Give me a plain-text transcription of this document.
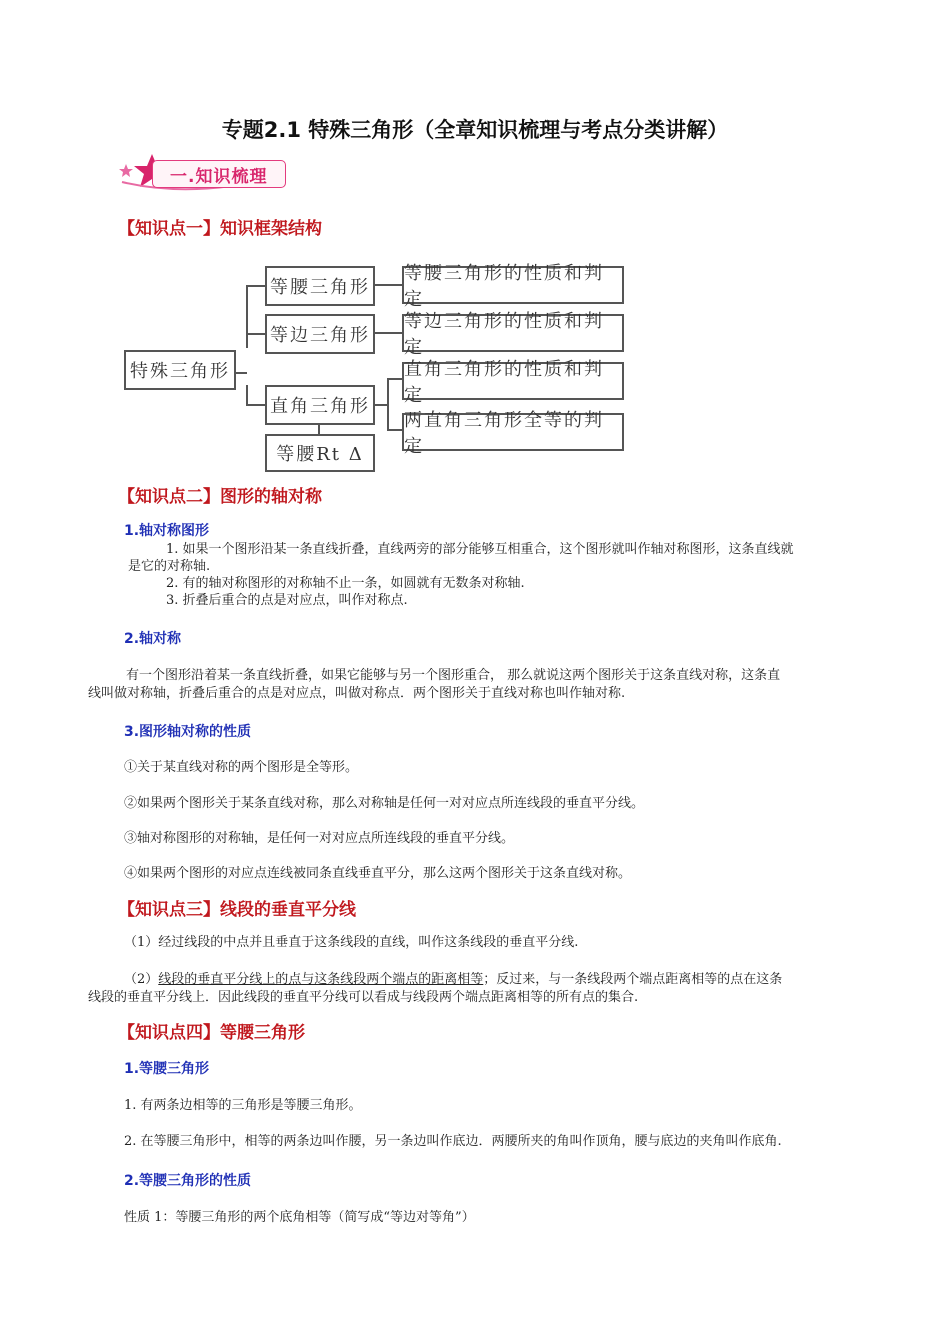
专题2.1 特殊三角形（全章知识梳理与考点分类讲解）
一.知识梳理
【知识点一】知识框架结构
特殊三角形
等腰三角形
等边三角形
直角三角形
等腰Rt Δ
等腰三角形的性质和判定
等边三角形的性质和判定
直角三角形的性质和判定
两直角三角形全等的判定
【知识点二】图形的轴对称
1.轴对称图形
1. 如果一个图形沿某一条直线折叠，直线两旁的部分能够互相重合，这个图形就叫作轴对称图形，这条直线就
是它的对称轴.
2. 有的轴对称图形的对称轴不止一条，如圆就有无数条对称轴.
3. 折叠后重合的点是对应点，叫作对称点.
2.轴对称
有一个图形沿着某一条直线折叠，如果它能够与另一个图形重合， 那么就说这两个图形关于这条直线对称，这条直
线叫做对称轴，折叠后重合的点是对应点，叫做对称点．两个图形关于直线对称也叫作轴对称.
3.图形轴对称的性质
①关于某直线对称的两个图形是全等形。
②如果两个图形关于某条直线对称，那么对称轴是任何一对对应点所连线段的垂直平分线。
③轴对称图形的对称轴，是任何一对对应点所连线段的垂直平分线。
④如果两个图形的对应点连线被同条直线垂直平分，那么这两个图形关于这条直线对称。
【知识点三】线段的垂直平分线
（1）经过线段的中点并且垂直于这条线段的直线，叫作这条线段的垂直平分线.
（2）线段的垂直平分线上的点与这条线段两个端点的距离相等；反过来，与一条线段两个端点距离相等的点在这条
线段的垂直平分线上．因此线段的垂直平分线可以看成与线段两个端点距离相等的所有点的集合.
【知识点四】等腰三角形
1.等腰三角形
1. 有两条边相等的三角形是等腰三角形。
2. 在等腰三角形中，相等的两条边叫作腰，另一条边叫作底边．两腰所夹的角叫作顶角，腰与底边的夹角叫作底角.
2.等腰三角形的性质
性质 1：等腰三角形的两个底角相等（简写成“等边对等角”）
